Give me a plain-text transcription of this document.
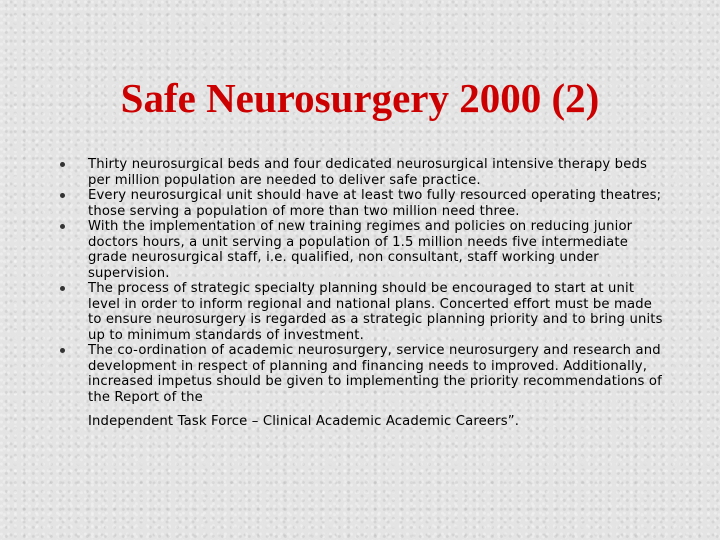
Safe Neurosurgery 2000 (2)
Thirty neurosurgical beds and four dedicated neurosurgical intensive therapy beds per million population are needed to deliver safe practice.
Every neurosurgical unit should have at least two fully resourced operating theatres; those serving a population of more than two million need three.
With the implementation of new training regimes and policies on reducing junior doctors hours, a unit serving a population of 1.5 million needs five intermediate grade neurosurgical staff, i.e. qualified, non consultant, staff working under supervision.
The process of strategic specialty planning should be encouraged to start at unit level in order to inform regional and national plans. Concerted effort must be made to ensure neurosurgery is regarded as a strategic planning priority and to bring units up to minimum standards of investment.
The co-ordination of academic neurosurgery, service neurosurgery and research and development in respect of planning and financing needs to improved. Additionally, increased impetus should be given to implementing the priority recommendations of the Report of the
Independent Task Force – Clinical Academic Academic Careers”.
